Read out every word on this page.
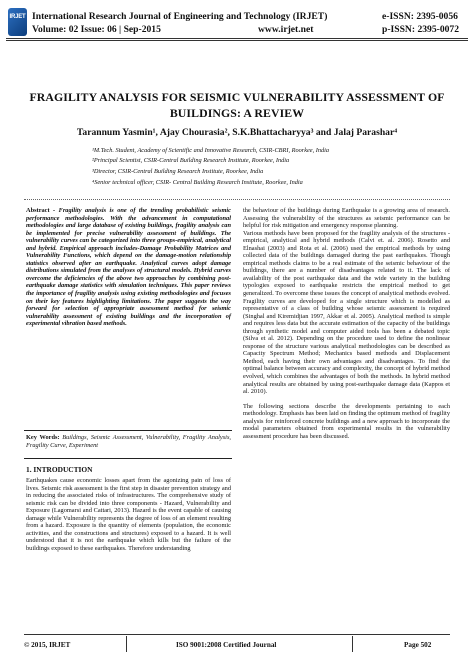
IRJET International Research Journal of Engineering and Technology (IRJET)
Volume: 02 Issue: 06 | Sep-2015	www.irjet.net
e-ISSN: 2395-0056
p-ISSN: 2395-0072
FRAGILITY ANALYSIS FOR SEISMIC VULNERABILITY ASSESSMENT OF
BUILDINGS: A REVIEW
Tarannum Yasmin¹, Ajay Chourasia², S.K.Bhattacharyya³ and Jalaj Parashar⁴
¹M.Tech. Student, Academy of Scientific and Innovative Research, CSIR-CBRI, Roorkee, India
²Principal Scientist, CSIR-Central Building Research Institute, Roorkee, India
³Director, CSIR-Central Building Research Institute, Roorkee, India
⁴Senior technical officer, CSIR- Central Building Research Institute, Roorkee, India

Abstract - Fragility analysis is one of the trending probabilistic seismic performance methodologies. With the advancement in computational methodologies and large database of existing buildings, fragility analysis can be implemented for precise vulnerability assessment of buildings. The vulnerability curves can be categorized into three groups-empirical, analytical and hybrid. Empirical approach includes-Damage Probability Matrices and Vulnerability Functions, which depend on the damage-motion relationship statistics observed after an earthquake. Analytical curves adopt damage distributions simulated from the analyses of structural models. Hybrid curves overcome the deficiencies of the above two approaches by combining post-earthquake damage statistics with simulation techniques. This paper reviews the importance of fragility analysis using existing methodologies and focuses on their key features highlighting limitations. The paper suggests the way forward for selection of appropriate assessment method for seismic vulnerability assessment of existing buildings and the incorporation of experimental vibration based methods.

Key Words: Buildings, Seismic Assessment, Vulnerability, Fragility Analysis, Fragility Curve, Experiment

1. INTRODUCTION
Earthquakes cause economic losses apart from the agonizing pain of loss of lives. Seismic risk assessment is the first step in disaster prevention strategy and in reducing the associated risks of infrastructures. The comprehensive study of seismic risk can be divided into three components - Hazard, Vulnerability and Exposure (Lagomarsi and Cattari, 2013). Hazard is the event capable of causing damage while Vulnerability represents the degree of loss of an element resulting from a hazard. Exposure is the quantity of elements (population, the economic activities, and the constructions and structures) exposed to a hazard. It is well understood that it is not the earthquake which kills but the failure of the buildings exposed to these earthquakes. Therefore understanding

the behaviour of the buildings during Earthquake is a growing area of research. Assessing the vulnerability of the structures as seismic performance can be helpful for risk mitigation and emergency response planning.

Various methods have been proposed for the fragility analysis of the structures - empirical, analytical and hybrid methods (Calvi et. al. 2006). Rosetto and Elnashai (2003) and Rota et al. (2006) used the empirical methods by using collected data of the buildings damaged during the past earthquakes. Though empirical methods claims to be a real estimate of the seismic behaviour of the buildings, there are a number of disadvantages related to it. The lack of availability of the post earthquake data and the wide variety in the building typologies exposed to earthquake restricts the empirical method to get generalized. To overcome these issues the concept of analytical methods evolved. Fragility curves are developed for a single structure which is modelled as representative of a class of building whose seismic assessment is required (Singhal and Kiremidjian 1997, Akkar et al. 2005). Analytical method is simple and requires less data but the accurate estimation of the capacity of the buildings through synthetic model and computer aided tools has been a debated topic (Silva et al. 2012). Depending on the procedure used to define the nonlinear response of the structure various analytical methodologies can be described as Capacity Spectrum Method; Mechanics based methods and Displacement Method, each having their own advantages and disadvantages. To find the optimal balance between accuracy and complexity, the concept of hybrid method evolved, which combines the advantages of both the methods. In hybrid method analytical results are obtained by using post-earthquake damage data (Kappos et al. 2010).

The following sections describe the developments pertaining to each methodology. Emphasis has been laid on finding the optimum method of fragility analysis for reinforced concrete buildings and a new approach to incorporate the modal parameters obtained from experimental results in the vulnerability assessment procedure has been discussed.

© 2015, IRJET	ISO 9001:2008 Certified Journal	Page 502
